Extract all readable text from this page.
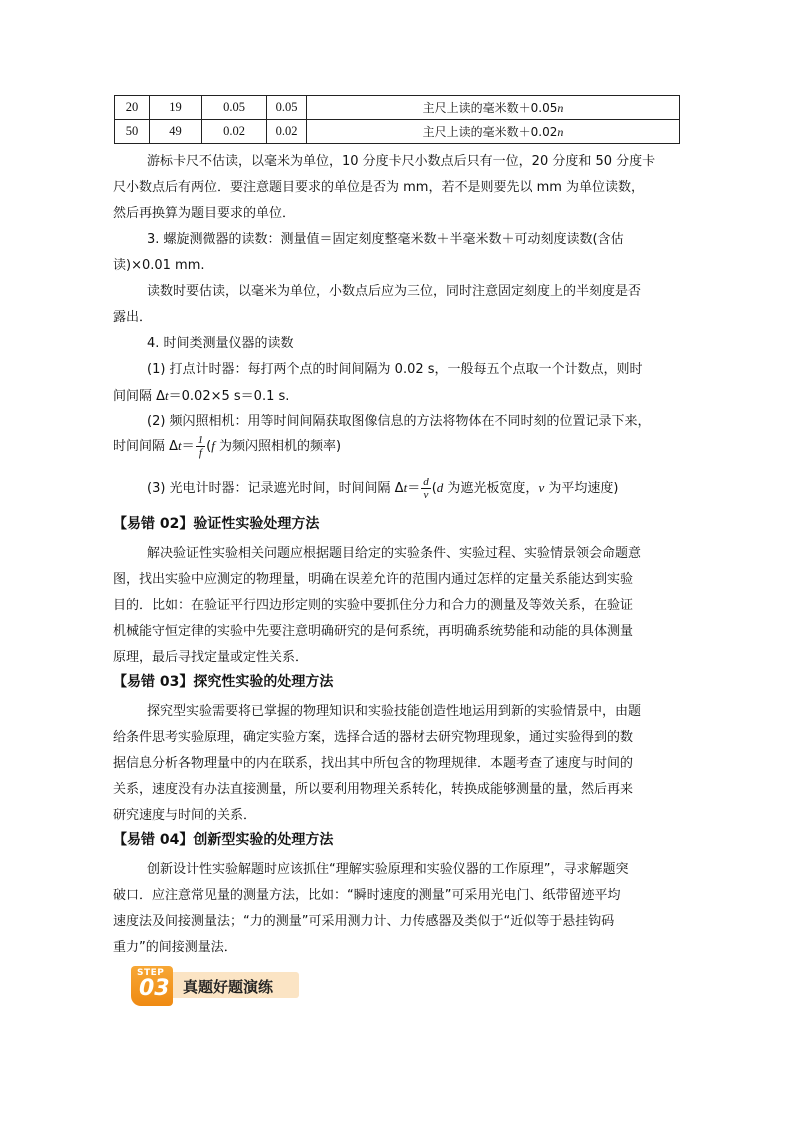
20	19	0.05	0.05	主尺上读的毫米数＋0.05n
50	49	0.02	0.02	主尺上读的毫米数＋0.02n
游标卡尺不估读，以毫米为单位，10 分度卡尺小数点后只有一位，20 分度和 50 分度卡
尺小数点后有两位．要注意题目要求的单位是否为 mm，若不是则要先以 mm 为单位读数，
然后再换算为题目要求的单位．
3. 螺旋测微器的读数：测量值＝固定刻度整毫米数＋半毫米数＋可动刻度读数(含估
读)×0.01 mm.
读数时要估读，以毫米为单位，小数点后应为三位，同时注意固定刻度上的半刻度是否
露出．
4. 时间类测量仪器的读数
(1) 打点计时器：每打两个点的时间间隔为 0.02 s，一般每五个点取一个计数点，则时
间间隔 Δt＝0.02×5 s＝0.1 s.
(2) 频闪照相机：用等时间间隔获取图像信息的方法将物体在不同时刻的位置记录下来，
时间间隔 $\Delta t= \frac{1}{f} (f$ 为频闪照相机的频率)
(3) 光电计时器：记录遮光时间，时间间隔 $\Delta t= \frac{d}{v} (d$ 为遮光板宽度，v 为平均速度)
【易错 02】验证性实验处理方法
解决验证性实验相关问题应根据题目给定的实验条件、实验过程、实验情景领会命题意
图，找出实验中应测定的物理量，明确在误差允许的范围内通过怎样的定量关系能达到实验
目的．比如：在验证平行四边形定则的实验中要抓住分力和合力的测量及等效关系，在验证
机械能守恒定律的实验中先要注意明确研究的是何系统，再明确系统势能和动能的具体测量
原理，最后寻找定量或定性关系．
【易错 03】探究性实验的处理方法
探究型实验需要将已掌握的物理知识和实验技能创造性地运用到新的实验情景中，由题
给条件思考实验原理，确定实验方案，选择合适的器材去研究物理现象，通过实验得到的数
据信息分析各物理量中的内在联系，找出其中所包含的物理规律．本题考查了速度与时间的
关系，速度没有办法直接测量，所以要利用物理关系转化，转换成能够测量的量，然后再来
研究速度与时间的关系．
【易错 04】创新型实验的处理方法
创新设计性实验解题时应该抓住“理解实验原理和实验仪器的工作原理”，寻求解题突
破口．应注意常见量的测量方法，比如：“瞬时速度的测量”可采用光电门、纸带留迹平均
速度法及间接测量法；“力的测量”可采用测力计、力传感器及类似于“近似等于悬挂钩码
重力”的间接测量法．
STEP
03 真题好题演练
